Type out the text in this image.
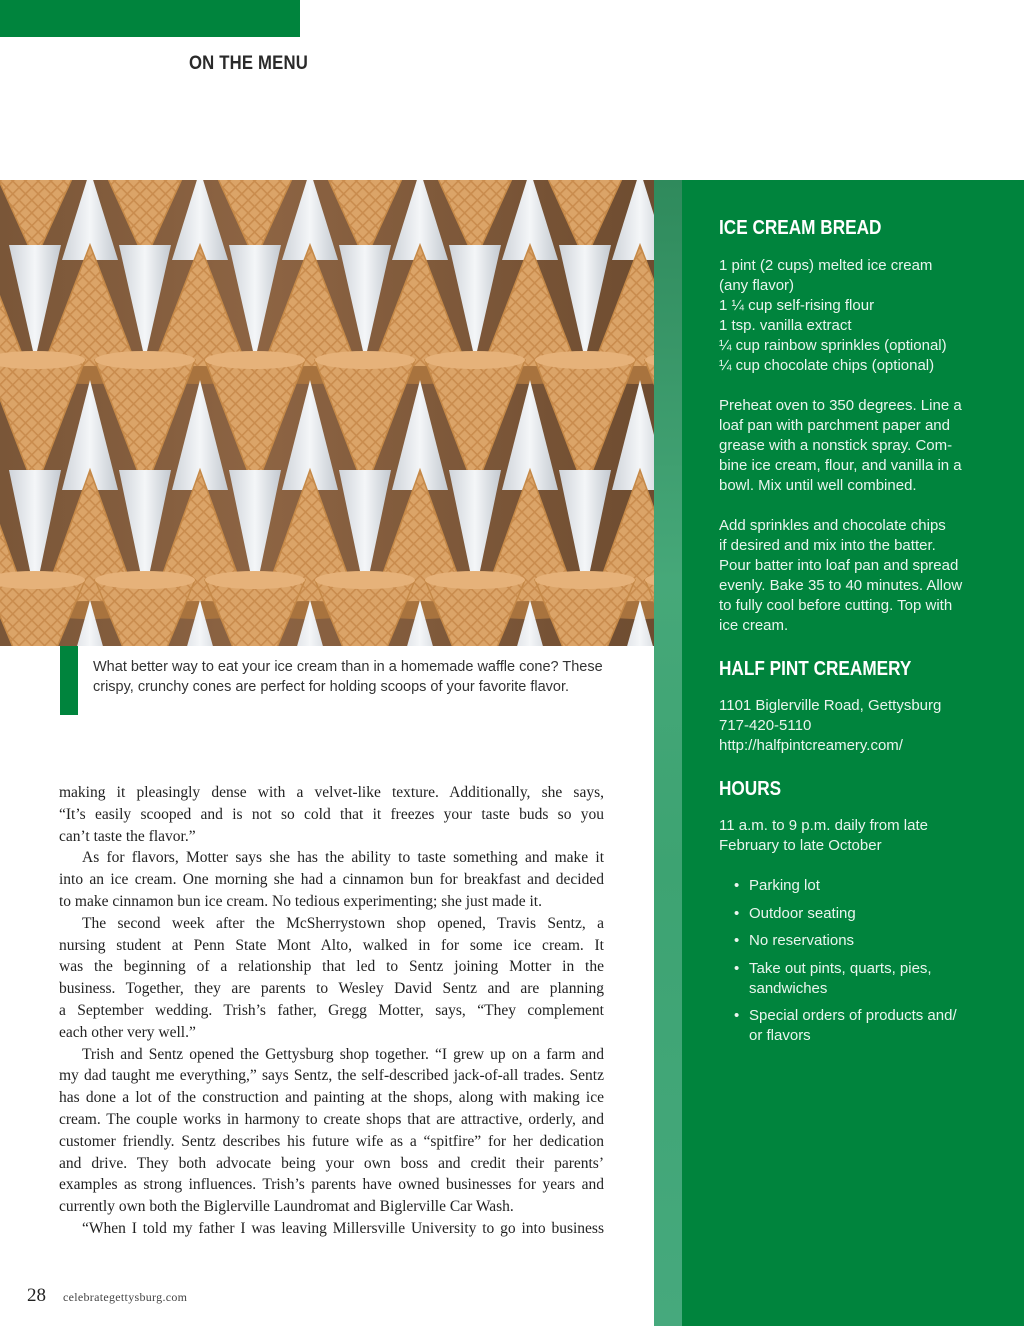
ON THE MENU
ICE CREAM BREAD
1 pint (2 cups) melted ice cream
(any flavor)
1 ¼ cup self-rising flour
1 tsp. vanilla extract
¼ cup rainbow sprinkles (optional)
¼ cup chocolate chips (optional)
Preheat oven to 350 degrees. Line a
loaf pan with parchment paper and
grease with a nonstick spray. Com-
bine ice cream, flour, and vanilla in a
bowl. Mix until well combined.
Add sprinkles and chocolate chips
if desired and mix into the batter.
Pour batter into loaf pan and spread
evenly. Bake 35 to 40 minutes. Allow
to fully cool before cutting. Top with
ice cream.
HALF PINT CREAMERY
1101 Biglerville Road, Gettysburg
717-420-5110
http://halfpintcreamery.com/
HOURS
11 a.m. to 9 p.m. daily from late
February to late October
• Parking lot
• Outdoor seating
• No reservations
• Take out pints, quarts, pies,
sandwiches
• Special orders of products and/
or flavors
What better way to eat your ice cream than in a homemade waffle cone? These
crispy, crunchy cones are perfect for holding scoops of your favorite flavor.
making it pleasingly dense with a velvet-like texture. Additionally, she says,
“It’s easily scooped and is not so cold that it freezes your taste buds so you
can’t taste the flavor.”
As for flavors, Motter says she has the ability to taste something and make it
into an ice cream. One morning she had a cinnamon bun for breakfast and decided
to make cinnamon bun ice cream. No tedious experimenting; she just made it.
The second week after the McSherrystown shop opened, Travis Sentz, a
nursing student at Penn State Mont Alto, walked in for some ice cream. It
was the beginning of a relationship that led to Sentz joining Motter in the
business. Together, they are parents to Wesley David Sentz and are planning
a September wedding. Trish’s father, Gregg Motter, says, “They complement
each other very well.”
Trish and Sentz opened the Gettysburg shop together. “I grew up on a farm and
my dad taught me everything,” says Sentz, the self-described jack-of-all trades. Sentz
has done a lot of the construction and painting at the shops, along with making ice
cream. The couple works in harmony to create shops that are attractive, orderly, and
customer friendly. Sentz describes his future wife as a “spitfire” for her dedication
and drive. They both advocate being your own boss and credit their parents’
examples as strong influences. Trish’s parents have owned businesses for years and
currently own both the Biglerville Laundromat and Biglerville Car Wash.
“When I told my father I was leaving Millersville University to go into business
28 celebrategettysburg.com
